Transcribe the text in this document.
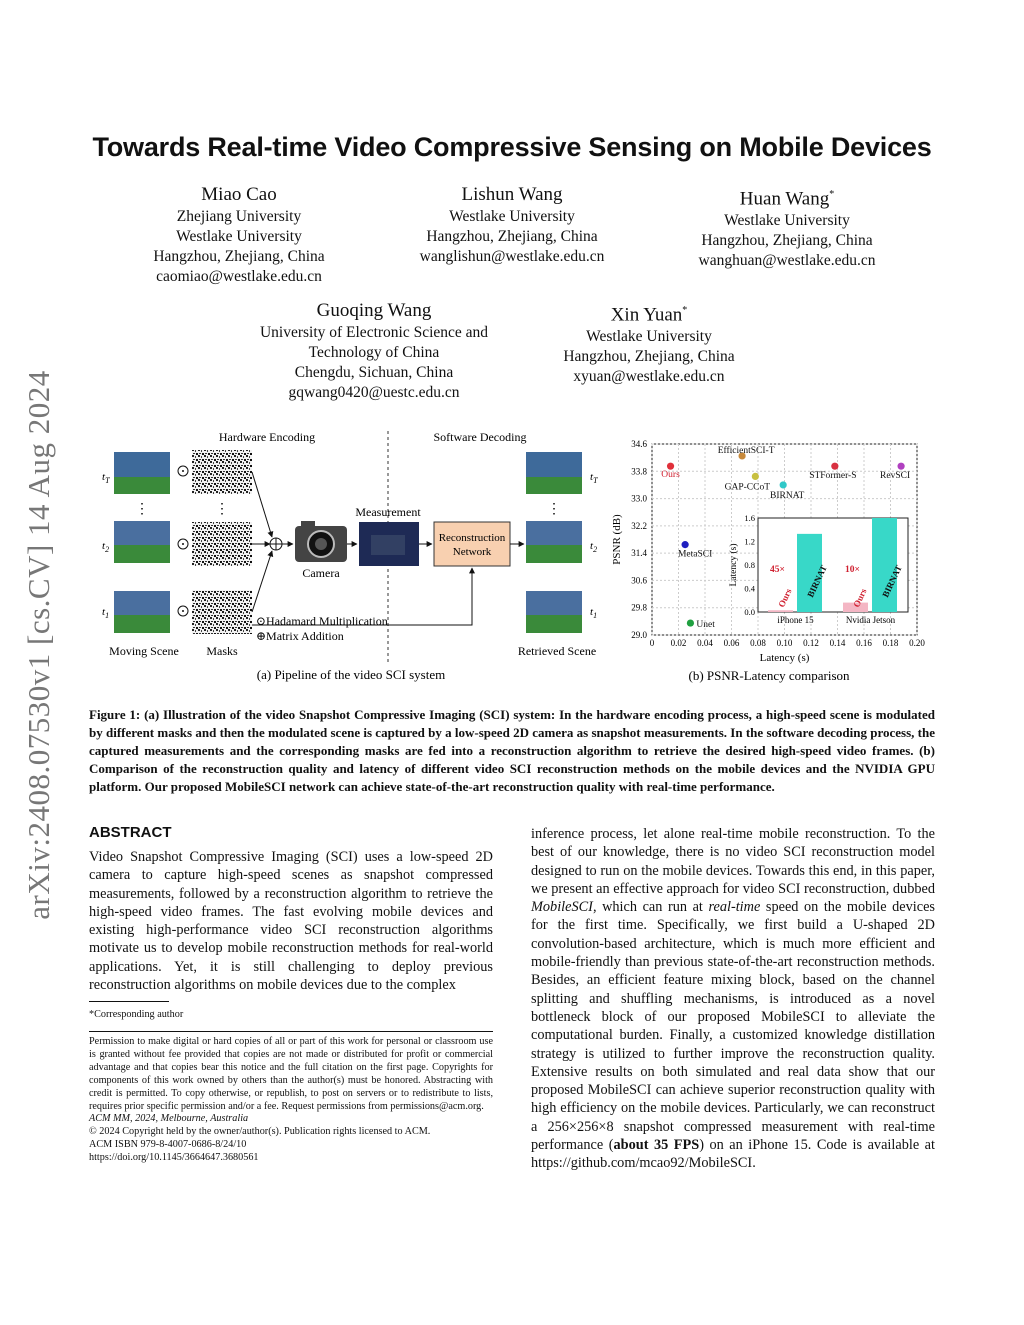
arXiv:2408.07530v1 [cs.CV] 14 Aug 2024
Towards Real-time Video Compressive Sensing on Mobile Devices
Miao Cao
Zhejiang University
Westlake University
Hangzhou, Zhejiang, China
caomiao@westlake.edu.cn
Lishun Wang
Westlake University
Hangzhou, Zhejiang, China
wanglishun@westlake.edu.cn
Huan Wang*
Westlake University
Hangzhou, Zhejiang, China
wanghuan@westlake.edu.cn
Guoqing Wang
University of Electronic Science and
Technology of China
Chengdu, Sichuan, China
gqwang0420@uestc.edu.cn
Xin Yuan*
Westlake University
Hangzhou, Zhejiang, China
xyuan@westlake.edu.cn
Hardware Encoding	Software Decoding
$t_T$
⋮
$t_2$
$t_1$
⋮
Camera
Measurement
Reconstruction
Network
$t_T$
⋮
$t_2$
$t_1$
⊙Hadamard Multiplication
⊕Matrix Addition
Moving Scene Masks	Retrieved Scene
(a) Pipeline of the video SCI system
29.0
29.8
30.6
31.4
32.2
33.0
33.8
34.6
0 0.02 0.04 0.06 0.08 0.10 0.12 0.14 0.16 0.18 0.20
Latency (s)
PSNR (dB)
Ours
EfficientSCI-T
STFormer-S RevSCI
GAP-CCoT
BIRNAT
MetaSCI
Unet
0.0
0.4
0.8
1.2
1.6
Latency (s)
Ours BIRNAT
45×
iPhone 15
Ours BIRNAT
10×
Nvidia Jetson
(b) PSNR-Latency comparison
Figure 1: (a) Illustration of the video Snapshot Compressive Imaging (SCI) system: In the hardware encoding process, a high-speed scene is modulated by different masks and then the modulated scene is captured by a low-speed 2D camera as snapshot measurements. In the software decoding process, the captured measurements and the corresponding masks are fed into a reconstruction algorithm to retrieve the desired high-speed video frames. (b) Comparison of the reconstruction quality and latency of different video SCI reconstruction methods on the mobile devices and the NVIDIA GPU platform. Our proposed MobileSCI network can achieve state-of-the-art reconstruction quality with real-time performance.
ABSTRACT
Video Snapshot Compressive Imaging (SCI) uses a low-speed 2D camera to capture high-speed scenes as snapshot compressed measurements, followed by a reconstruction algorithm to retrieve the high-speed video frames. The fast evolving mobile devices and existing high-performance video SCI reconstruction algorithms motivate us to develop mobile reconstruction methods for real-world applications. Yet, it is still challenging to deploy previous reconstruction algorithms on mobile devices due to the complex
inference process, let alone real-time mobile reconstruction. To the best of our knowledge, there is no video SCI reconstruction model designed to run on the mobile devices. Towards this end, in this paper, we present an effective approach for video SCI reconstruction, dubbed MobileSCI, which can run at real-time speed on the mobile devices for the first time. Specifically, we first build a U-shaped 2D convolution-based architecture, which is much more efficient and mobile-friendly than previous state-of-the-art reconstruction methods. Besides, an efficient feature mixing block, based on the channel splitting and shuffling mechanisms, is introduced as a novel bottleneck block of our proposed MobileSCI to alleviate the computational burden. Finally, a customized knowledge distillation strategy is utilized to further improve the reconstruction quality. Extensive results on both simulated and real data show that our proposed MobileSCI can achieve superior reconstruction quality with high efficiency on the mobile devices. Particularly, we can reconstruct a 256×256×8 snapshot compressed measurement with real-time performance (about 35 FPS) on an iPhone 15. Code is available at https://github.com/mcao92/MobileSCI.
*Corresponding author

Permission to make digital or hard copies of all or part of this work for personal or classroom use is granted without fee provided that copies are not made or distributed for profit or commercial advantage and that copies bear this notice and the full citation on the first page. Copyrights for components of this work owned by others than the author(s) must be honored. Abstracting with credit is permitted. To copy otherwise, or republish, to post on servers or to redistribute to lists, requires prior specific permission and/or a fee. Request permissions from permissions@acm.org.

ACM MM, 2024, Melbourne, Australia

© 2024 Copyright held by the owner/author(s). Publication rights licensed to ACM.

ACM ISBN 979-8-4007-0686-8/24/10

https://doi.org/10.1145/3664647.3680561
